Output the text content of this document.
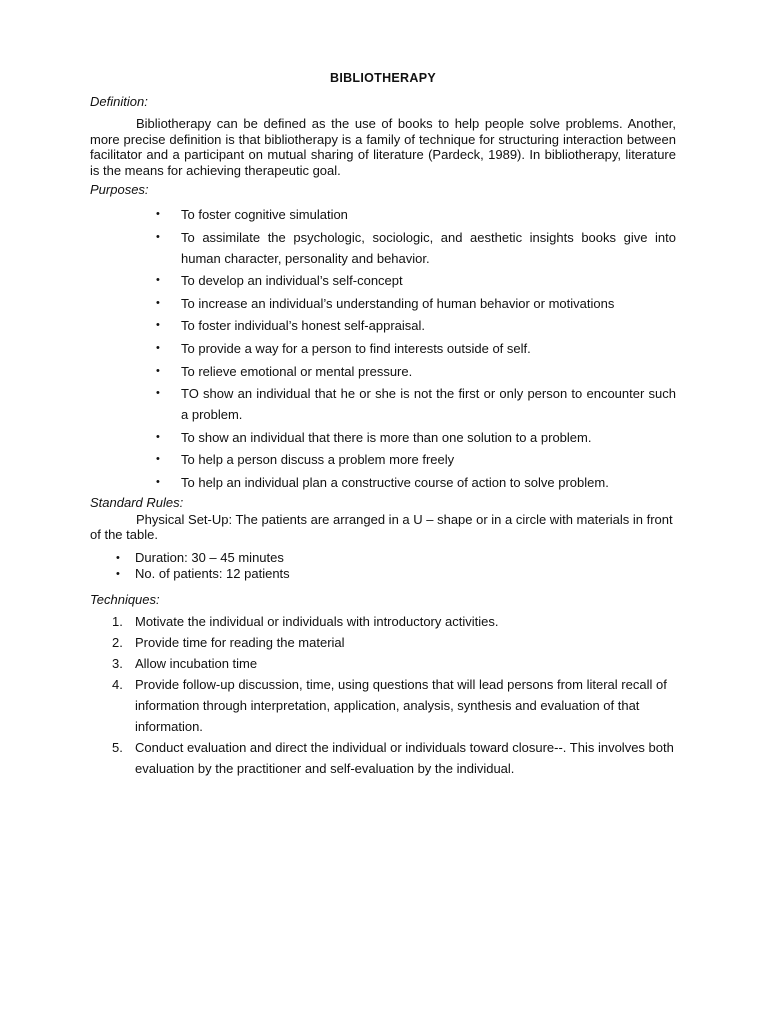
BIBLIOTHERAPY

Definition:

Bibliotherapy can be defined as the use of books to help people solve problems. Another, more precise definition is that bibliotherapy is a family of technique for structuring interaction between facilitator and a participant on mutual sharing of literature (Pardeck, 1989). In bibliotherapy, literature is the means for achieving therapeutic goal.

Purposes:

• To foster cognitive simulation
• To assimilate the psychologic, sociologic, and aesthetic insights books give into human character, personality and behavior.
• To develop an individual’s self-concept
• To increase an individual’s understanding of human behavior or motivations
• To foster individual’s honest self-appraisal.
• To provide a way for a person to find interests outside of self.
• To relieve emotional or mental pressure.
• TO show an individual that he or she is not the first or only person to encounter such a problem.
• To show an individual that there is more than one solution to a problem.
• To help a person discuss a problem more freely
• To help an individual plan a constructive course of action to solve problem.

Standard Rules:

Physical Set-Up: The patients are arranged in a U – shape or in a circle with materials in front of the table.

• Duration: 30 – 45 minutes
• No. of patients: 12 patients

Techniques:

1. Motivate the individual or individuals with introductory activities.
2. Provide time for reading the material
3. Allow incubation time
4. Provide follow-up discussion, time, using questions that will lead persons from literal recall of information through interpretation, application, analysis, synthesis and evaluation of that information.
5. Conduct evaluation and direct the individual or individuals toward closure--. This involves both evaluation by the practitioner and self-evaluation by the individual.
